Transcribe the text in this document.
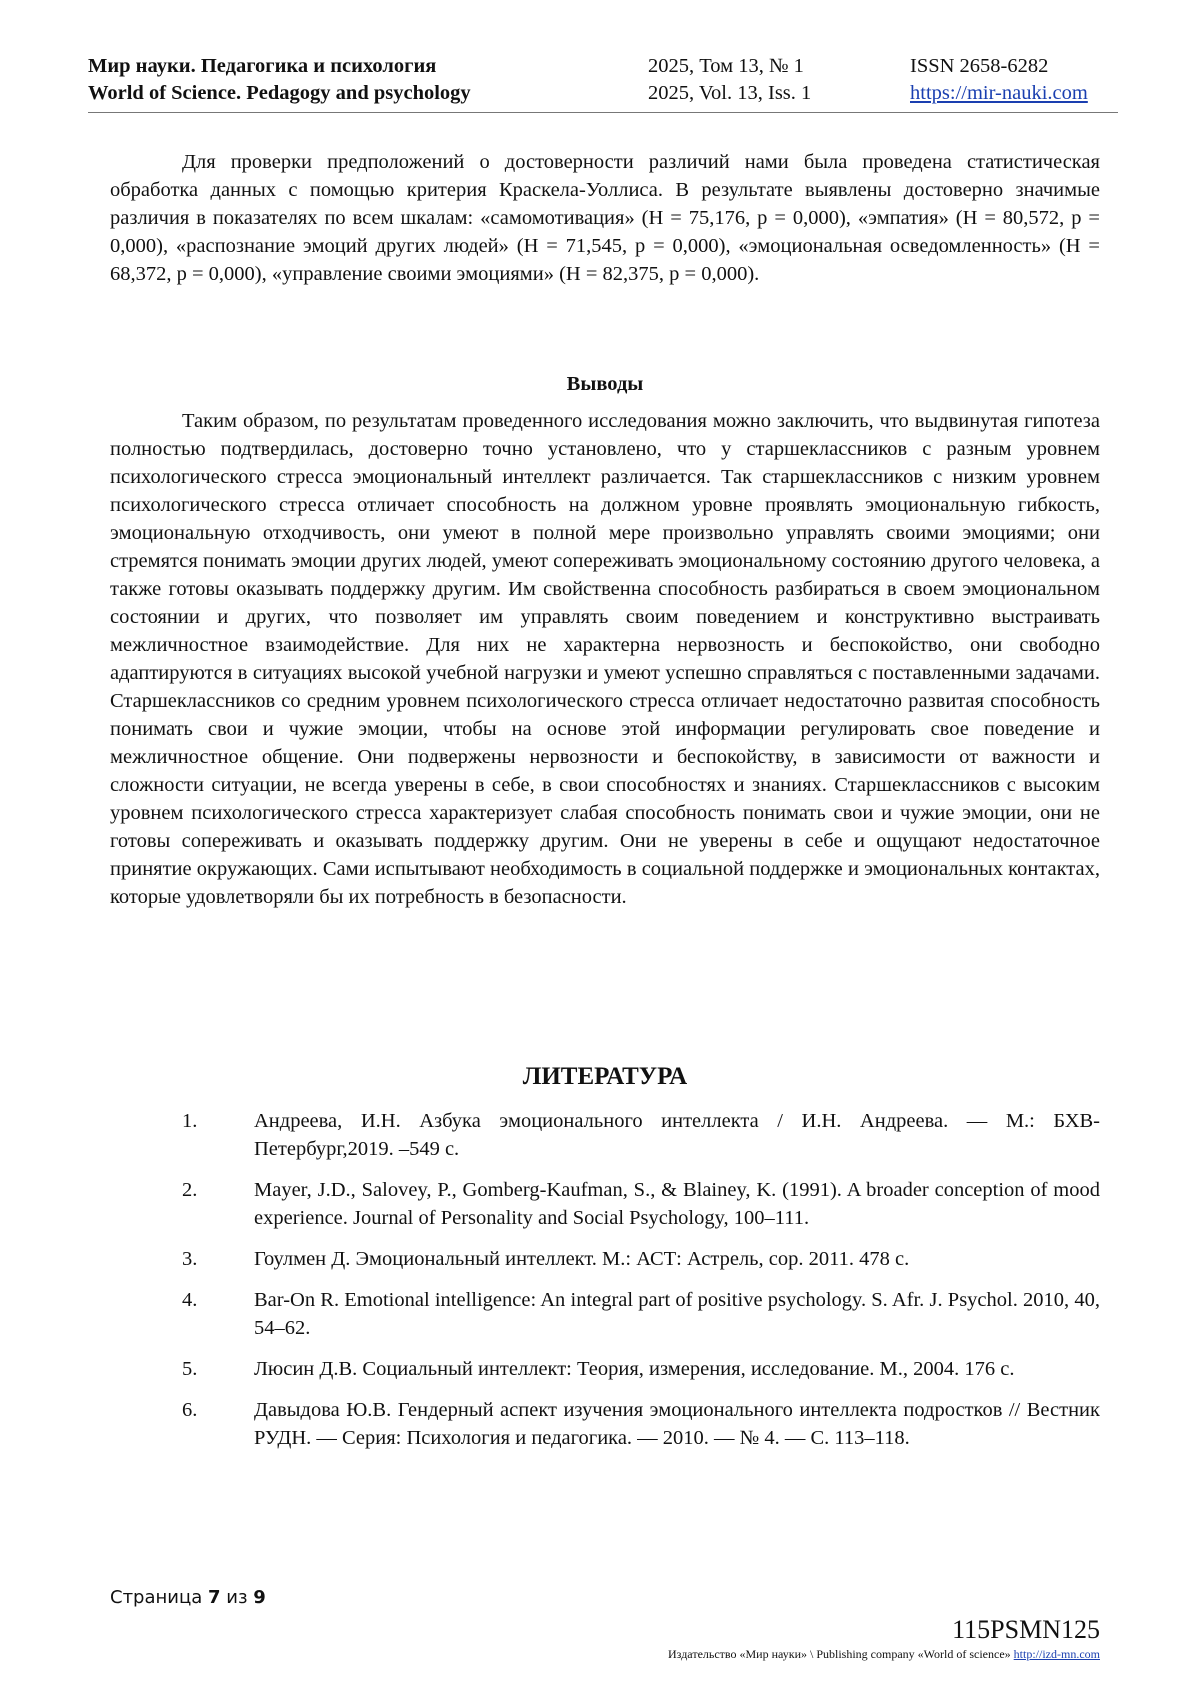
Мир науки. Педагогика и психология
World of Science. Pedagogy and psychology
2025, Том 13, № 1
2025, Vol. 13, Iss. 1
ISSN 2658-6282
https://mir-nauki.com

Для проверки предположений о достоверности различий нами была проведена статистическая обработка данных с помощью критерия Краскела-Уоллиса. В результате выявлены достоверно значимые различия в показателях по всем шкалам: «самомотивация» (H = 75,176, p = 0,000), «эмпатия» (H = 80,572, p = 0,000), «распознание эмоций других людей» (H = 71,545, p = 0,000), «эмоциональная осведомленность» (H = 68,372, p = 0,000), «управление своими эмоциями» (H = 82,375, p = 0,000).

Выводы

Таким образом, по результатам проведенного исследования можно заключить, что выдвинутая гипотеза полностью подтвердилась, достоверно точно установлено, что у старшеклассников с разным уровнем психологического стресса эмоциональный интеллект различается. Так старшеклассников с низким уровнем психологического стресса отличает способность на должном уровне проявлять эмоциональную гибкость, эмоциональную отходчивость, они умеют в полной мере произвольно управлять своими эмоциями; они стремятся понимать эмоции других людей, умеют сопереживать эмоциональному состоянию другого человека, а также готовы оказывать поддержку другим. Им свойственна способность разбираться в своем эмоциональном состоянии и других, что позволяет им управлять своим поведением и конструктивно выстраивать межличностное взаимодействие. Для них не характерна нервозность и беспокойство, они свободно адаптируются в ситуациях высокой учебной нагрузки и умеют успешно справляться с поставленными задачами. Старшеклассников со средним уровнем психологического стресса отличает недостаточно развитая способность понимать свои и чужие эмоции, чтобы на основе этой информации регулировать свое поведение и межличностное общение. Они подвержены нервозности и беспокойству, в зависимости от важности и сложности ситуации, не всегда уверены в себе, в свои способностях и знаниях. Старшеклассников с высоким уровнем психологического стресса характеризует слабая способность понимать свои и чужие эмоции, они не готовы сопереживать и оказывать поддержку другим. Они не уверены в себе и ощущают недостаточное принятие окружающих. Сами испытывают необходимость в социальной поддержке и эмоциональных контактах, которые удовлетворяли бы их потребность в безопасности.

ЛИТЕРАТУРА
1.	Андреева, И.Н. Азбука эмоционального интеллекта / И.Н. Андреева. — М.: БХВ-Петербург,2019. –549 с.
2.	Mayer, J.D., Salovey, P., Gomberg-Kaufman, S., & Blainey, K. (1991). A broader conception of mood experience. Journal of Personality and Social Psychology, 100–111.
3.	Гоулмен Д. Эмоциональный интеллект. М.: АСТ: Астрель, сор. 2011. 478 с.
4.	Bar-On R. Emotional intelligence: An integral part of positive psychology. S. Afr. J. Psychol. 2010, 40, 54–62.
5.	Люсин Д.В. Социальный интеллект: Теория, измерения, исследование. М., 2004. 176 с.
6.	Давыдова Ю.В. Гендерный аспект изучения эмоционального интеллекта подростков // Вестник РУДН. — Серия: Психология и педагогика. — 2010. — № 4. — С. 113–118.
Страница 7 из 9
115PSMN125
Издательство «Мир науки» \ Publishing company «World of science» http://izd-mn.com
